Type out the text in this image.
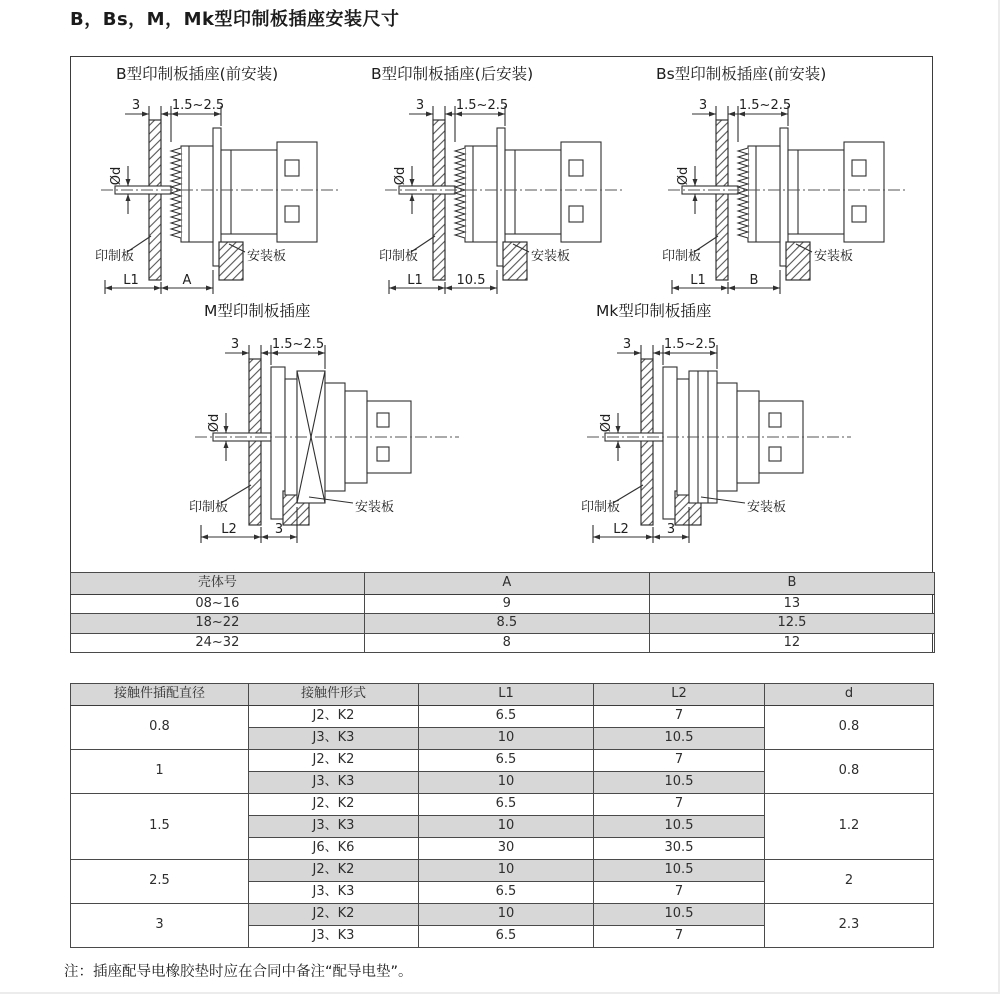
B，Bs，M，Mk型印制板插座安装尺寸
B型印制板插座(前安装)
3 1.5~2.5
Ød
L1	A
印制板	安装板
B型印制板插座(后安装)
3 1.5~2.5
Ød
L1	10.5
印制板	安装板
Bs型印制板插座(前安装)
3 1.5~2.5
Ød
L1	B
印制板	安装板
M型印制板插座
3	1.5~2.5
Ød
L2	3
印制板	安装板
Mk型印制板插座
3	1.5~2.5
Ød
L2	3
印制板	安装板
壳体号	A	B
08~16	9	13
18~22	8.5	12.5
24~32	8	12
接触件插配直径	接触件形式	L1	L2	d
0.8	J2、K2	6.5	7	0.8
	J3、K3	10	10.5	
1	J2、K2	6.5	7	0.8
	J3、K3	10	10.5	
1.5	J2、K2	6.5	7	1.2
	J3、K3	10	10.5	
	J6、K6	30	30.5	
2.5	J2、K2	10	10.5	2
	J3、K3	6.5	7	
3	J2、K2	10	10.5	2.3
	J3、K3	6.5	7	
注：插座配导电橡胶垫时应在合同中备注“配导电垫”。
